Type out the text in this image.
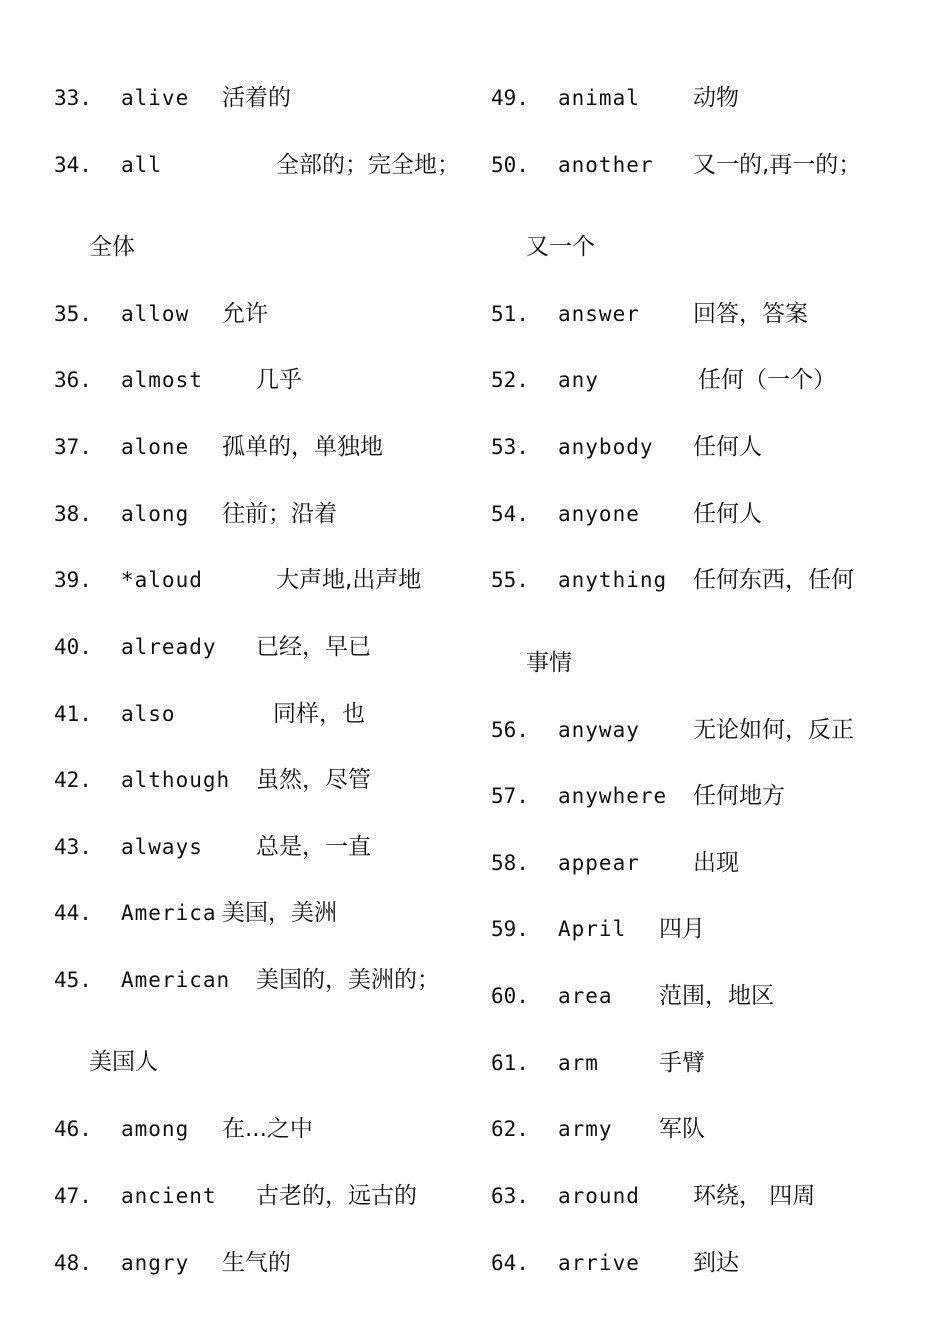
33. alive 活着的
34. all	全部的；完全地；
全体
35. allow 允许
36. almost 几乎
37. alone 孤单的，单独地
38. along 往前；沿着
39. *aloud	大声地,出声地
40. already 已经，早已
41. also	同样，也
42. although 虽然，尽管
43. always 总是，一直
44. America 美国，美洲
45. American 美国的，美洲的；
美国人
46. among 在...之中
47. ancient 古老的，远古的
48. angry 生气的
49. animal 动物
50. another 又一的,再一的；
又一个
51. answer 回答，答案
52. any	任何（一个）
53. anybody 任何人
54. anyone 任何人
55. anything 任何东西，任何
事情
56. anyway 无论如何，反正
57. anywhere 任何地方
58. appear 出现
59. April 四月
60. area 范围，地区
61. arm	手臂
62. army 军队
63. around 环绕， 四周
64. arrive 到达
